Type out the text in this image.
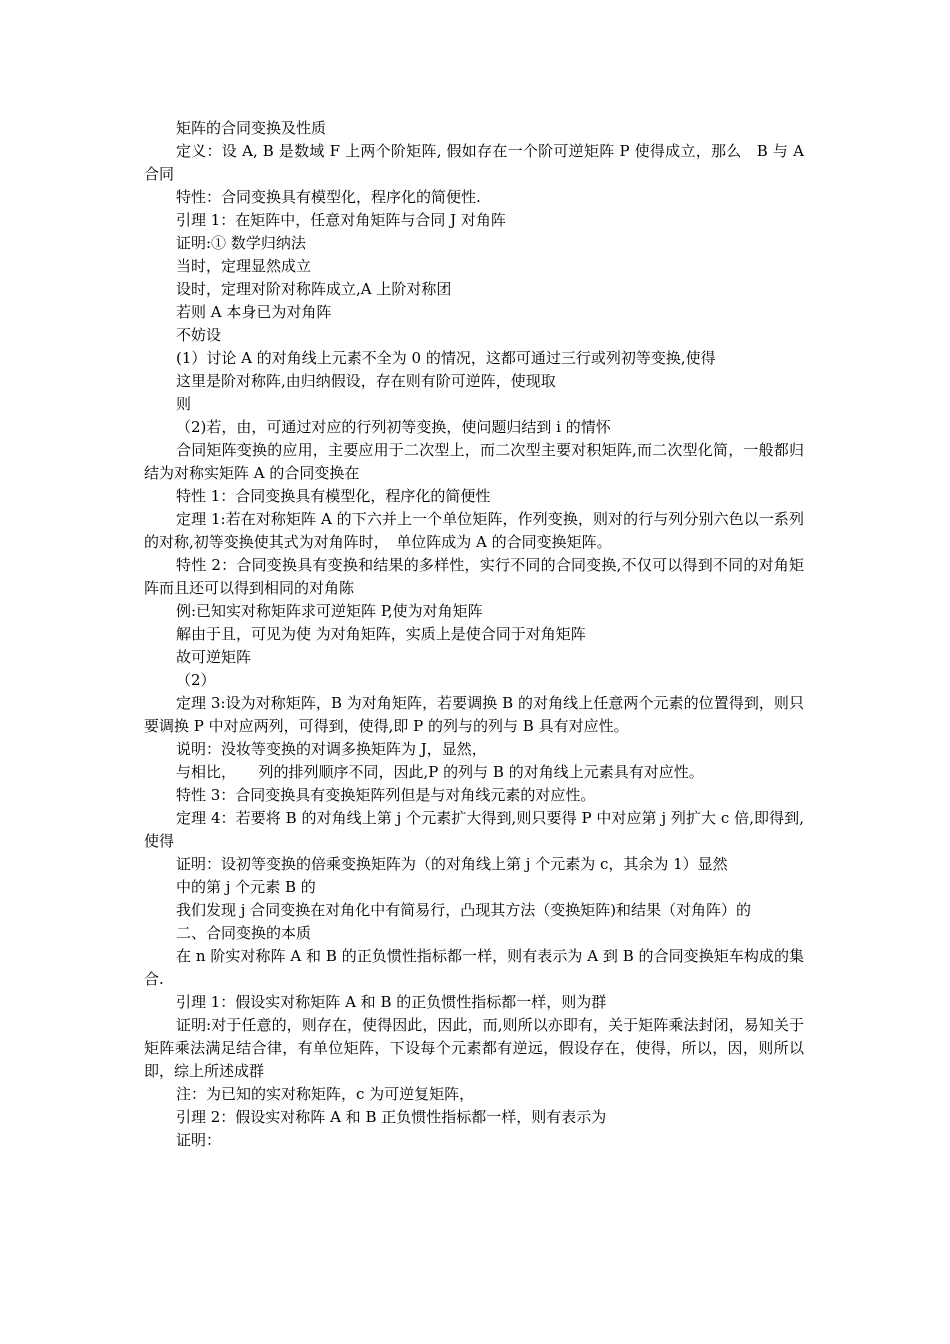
矩阵的合同变换及性质

定义：设 A, B 是数域 F 上两个阶矩阵, 假如存在一个阶可逆矩阵 P 使得成立，那么　B 与 A 合同

特性：合同变换具有模型化，程序化的简便性.

引理 1：在矩阵中，任意对角矩阵与合同 J 对角阵

证明:① 数学归纳法

当时，定理显然成立

设时，定理对阶对称阵成立,A 上阶对称团

若则 A 本身已为对角阵

不妨设

(1）讨论 A 的对角线上元素不全为 0 的情况，这都可通过三行或列初等变换,使得

这里是阶对称阵,由归纳假设，存在则有阶可逆阵，使现取

则

（2)若，由，可通过对应的行列初等变换，使问题归结到 i 的情怀

合同矩阵变换的应用，主要应用于二次型上，而二次型主要对积矩阵,而二次型化简，一般都归结为对称实矩阵 A 的合同变换在

特性 1：合同变换具有模型化，程序化的简便性

定理 1:若在对称矩阵 A 的下六并上一个单位矩阵，作列变换，则对的行与列分别六色以一系列的对称,初等变换使其式为对角阵时，　单位阵成为 A 的合同变换矩阵。

特性 2：合同变换具有变换和结果的多样性，实行不同的合同变换,不仅可以得到不同的对角矩阵而且还可以得到相同的对角陈

例:已知实对称矩阵求可逆矩阵 P,使为对角矩阵

解由于且，可见为使 为对角矩阵，实质上是使合同于对角矩阵

故可逆矩阵

（2）

定理 3:设为对称矩阵，B 为对角矩阵，若要调换 B 的对角线上任意两个元素的位置得到，则只要调换 P 中对应两列，可得到，使得,即 P 的列与的列与 B 具有对应性。

说明：没妆等变换的对调多换矩阵为 J，显然，

与相比，　　列的排列顺序不同，因此,P 的列与 B 的对角线上元素具有对应性。

特性 3：合同变换具有变换矩阵列但是与对角线元素的对应性。

定理 4：若要将 B 的对角线上第 j 个元素扩大得到,则只要得 P 中对应第 j 列扩大 c 倍,即得到,使得

证明：设初等变换的倍乘变换矩阵为（的对角线上第 j 个元素为 c，其余为 1）显然

中的第 j 个元素 B 的

我们发现 j 合同变换在对角化中有简易行，凸现其方法（变换矩阵)和结果（对角阵）的

二、合同变换的本质

在 n 阶实对称阵 A 和 B 的正负惯性指标都一样，则有表示为 A 到 B 的合同变换矩车构成的集合.

引理 1：假设实对称矩阵 A 和 B 的正负惯性指标都一样，则为群

证明:对于任意的，则存在，使得因此，因此，而,则所以亦即有，关于矩阵乘法封闭，易知关于矩阵乘法满足结合律，有单位矩阵，下设每个元素都有逆远，假设存在，使得，所以，因，则所以即，综上所述成群

注：为已知的实对称矩阵，c 为可逆复矩阵，

引理 2：假设实对称阵 A 和 B 正负惯性指标都一样，则有表示为

证明：
